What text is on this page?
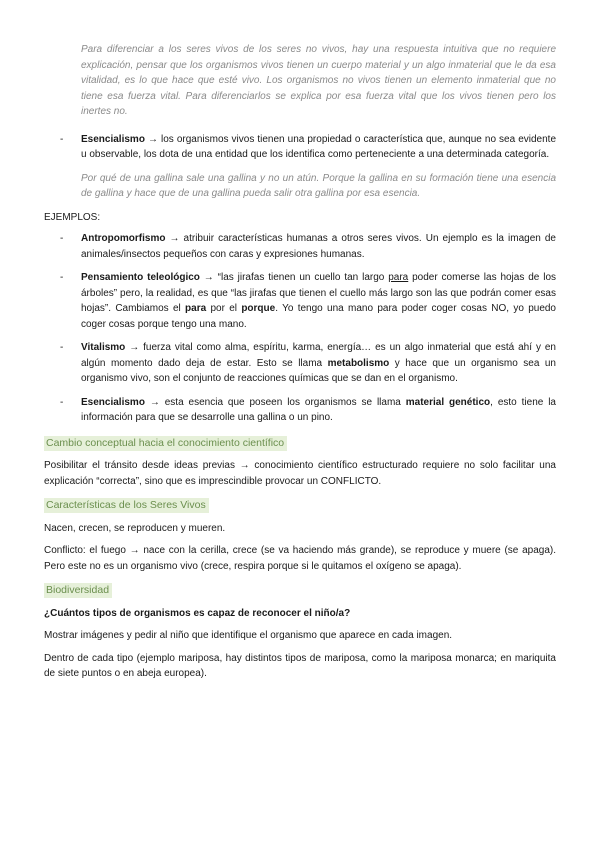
Para diferenciar a los seres vivos de los seres no vivos, hay una respuesta intuitiva que no requiere explicación, pensar que los organismos vivos tienen un cuerpo material y un algo inmaterial que le da esa vitalidad, es lo que hace que esté vivo. Los organismos no vivos tienen un elemento inmaterial que no tiene esa fuerza vital. Para diferenciarlos se explica por esa fuerza vital que los vivos tienen pero los inertes no.

- Esencialismo → los organismos vivos tienen una propiedad o característica que, aunque no sea evidente u observable, los dota de una entidad que los identifica como perteneciente a una determinada categoría.

Por qué de una gallina sale una gallina y no un atún. Porque la gallina en su formación tiene una esencia de gallina y hace que de una gallina pueda salir otra gallina por esa esencia.

EJEMPLOS:

- Antropomorfismo → atribuir características humanas a otros seres vivos. Un ejemplo es la imagen de animales/insectos pequeños con caras y expresiones humanas.
- Pensamiento teleológico → “las jirafas tienen un cuello tan largo para poder comerse las hojas de los árboles” pero, la realidad, es que “las jirafas que tienen el cuello más largo son las que podrán comer esas hojas”. Cambiamos el para por el porque. Yo tengo una mano para poder coger cosas NO, yo puedo coger cosas porque tengo una mano.
- Vitalismo → fuerza vital como alma, espíritu, karma, energía… es un algo inmaterial que está ahí y en algún momento dado deja de estar. Esto se llama metabolismo y hace que un organismo sea un organismo vivo, son el conjunto de reacciones químicas que se dan en el organismo.
- Esencialismo → esta esencia que poseen los organismos se llama material genético, esto tiene la información para que se desarrolle una gallina o un pino.

Cambio conceptual hacia el conocimiento científico

Posibilitar el tránsito desde ideas previas → conocimiento científico estructurado requiere no solo facilitar una explicación “correcta”, sino que es imprescindible provocar un CONFLICTO.

Características de los Seres Vivos

Nacen, crecen, se reproducen y mueren.

Conflicto: el fuego → nace con la cerilla, crece (se va haciendo más grande), se reproduce y muere (se apaga). Pero este no es un organismo vivo (crece, respira porque si le quitamos el oxígeno se apaga).

Biodiversidad

¿Cuántos tipos de organismos es capaz de reconocer el niño/a?

Mostrar imágenes y pedir al niño que identifique el organismo que aparece en cada imagen.

Dentro de cada tipo (ejemplo mariposa, hay distintos tipos de mariposa, como la mariposa monarca; en mariquita de siete puntos o en abeja europea).
